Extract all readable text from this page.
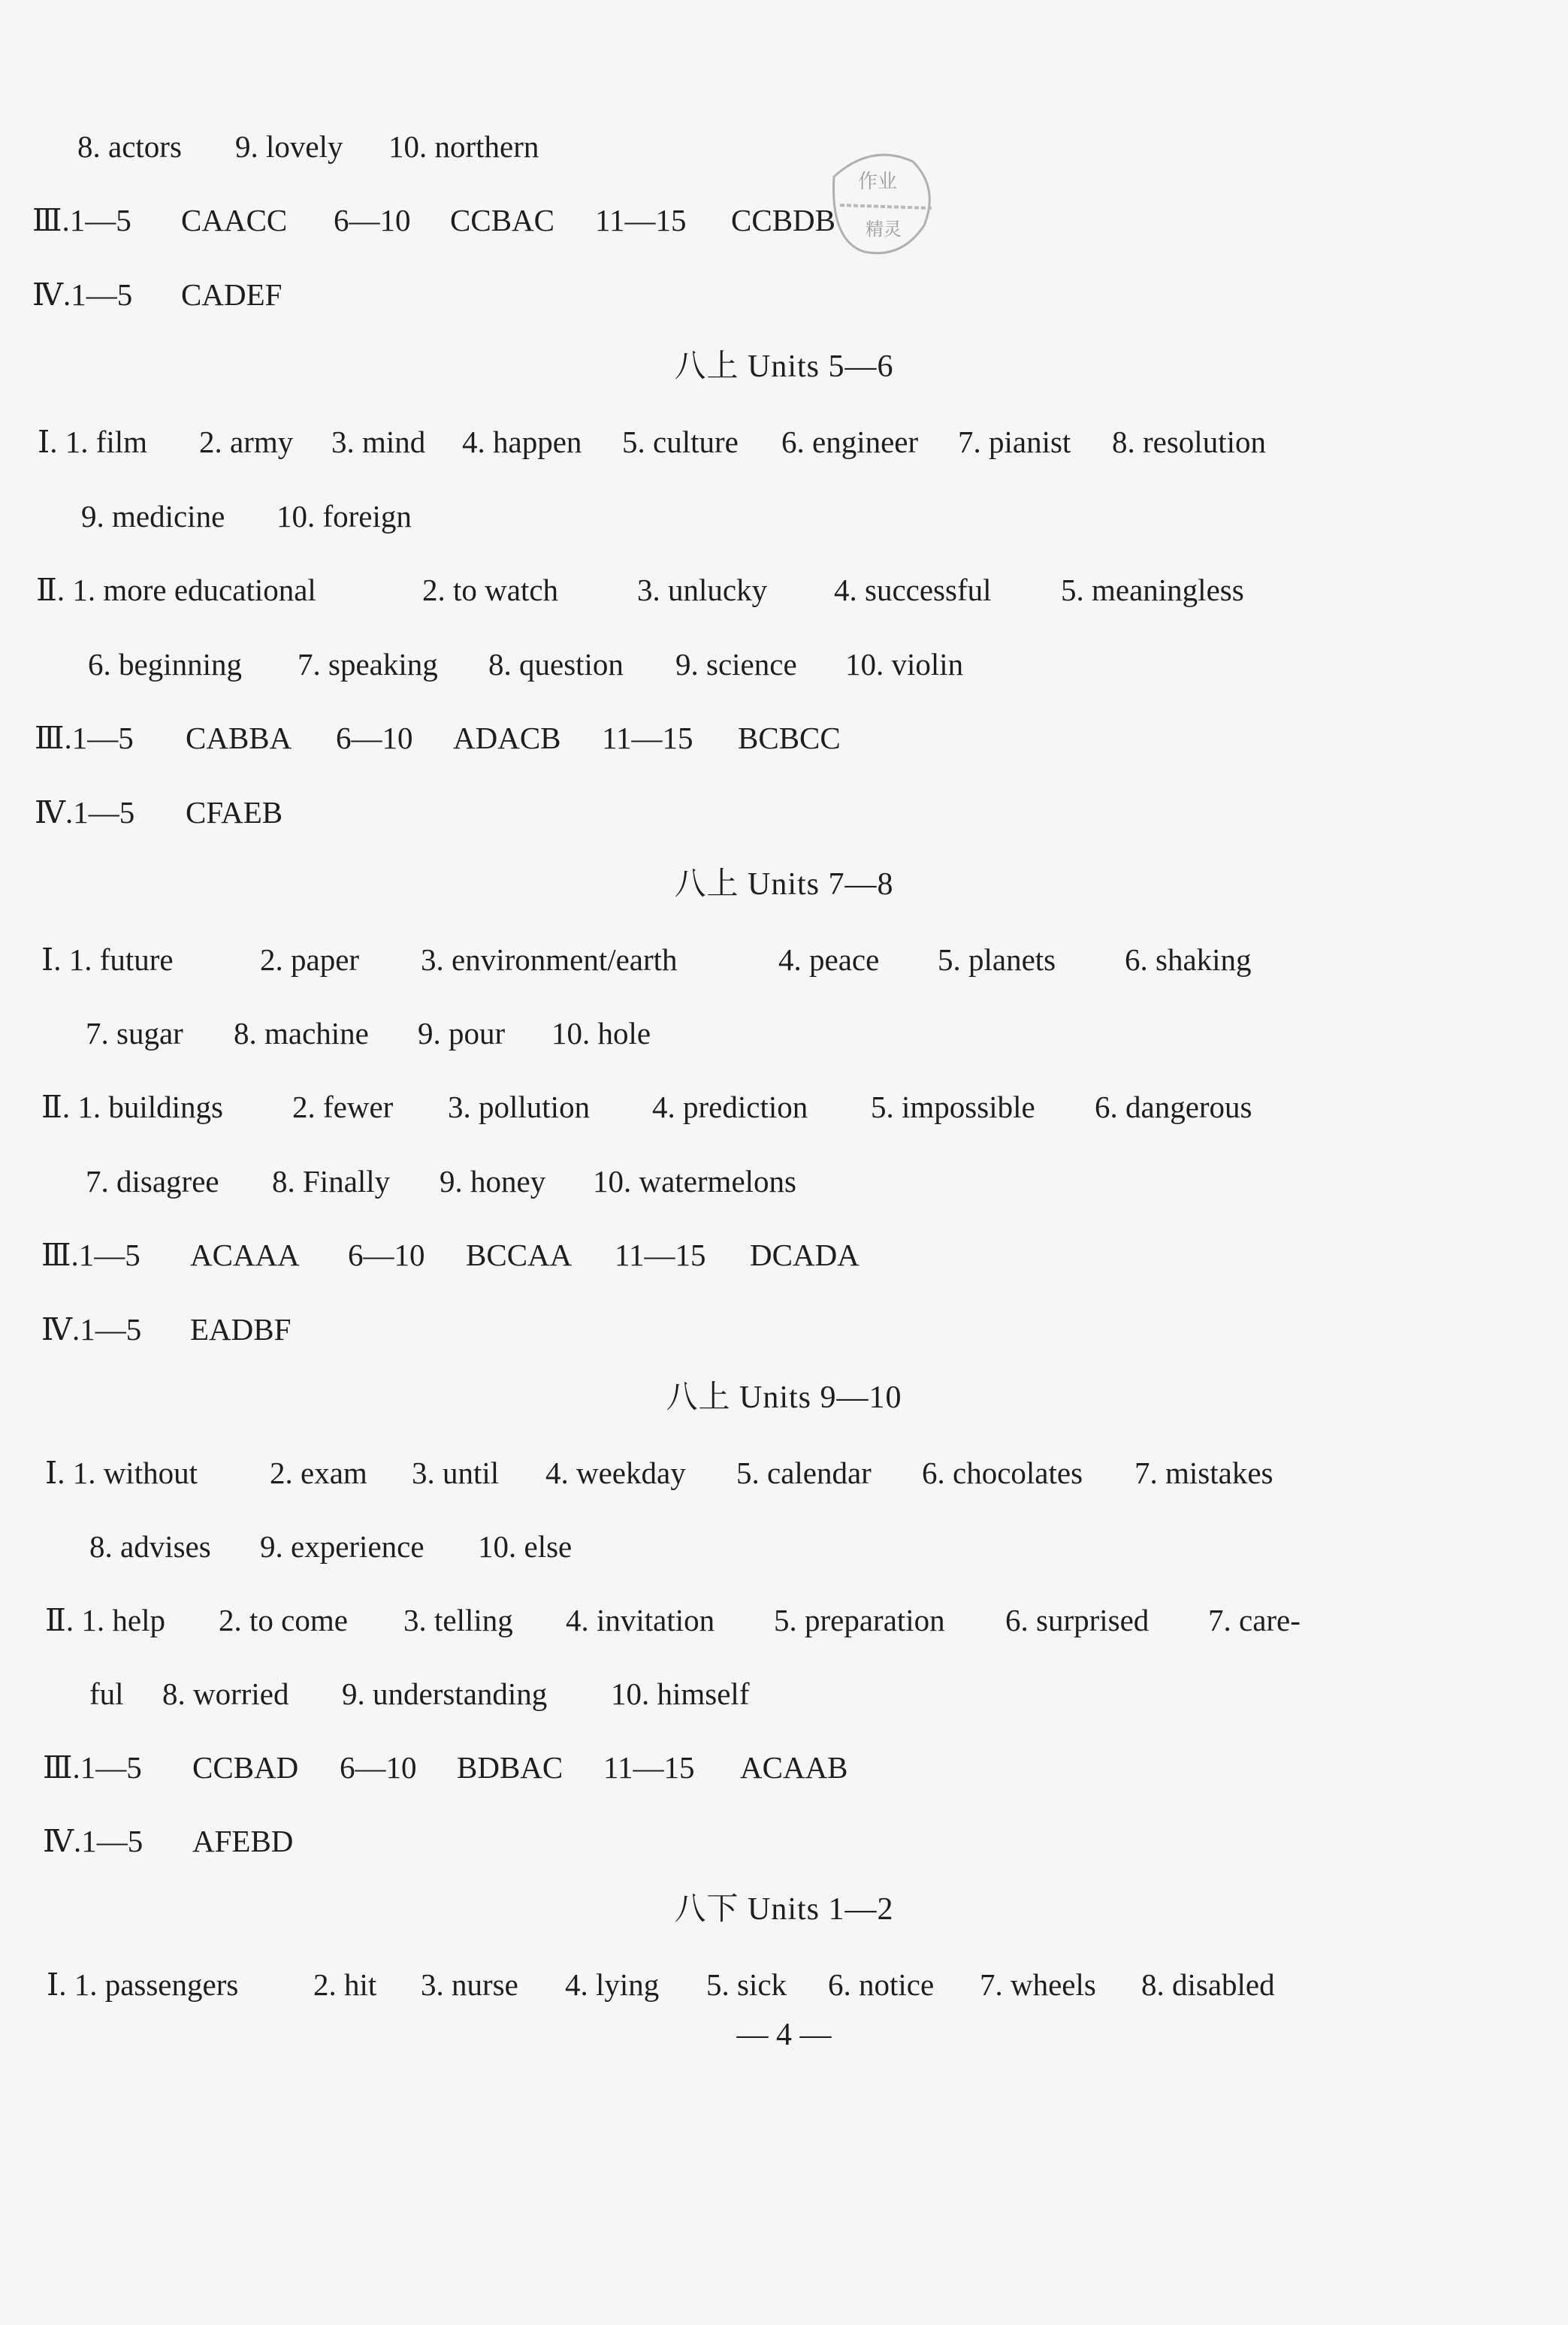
作业
精灵
8. actors 9. lovely 10. northern
Ⅲ.1—5 CAACC 6—10 CCBAC 11—15 CCBDB
Ⅳ.1—5 CADEF
八上 Units 5—6
Ⅰ. 1. film 2. army 3. mind 4. happen 5. culture 6. engineer 7. pianist 8. resolution
9. medicine 10. foreign
Ⅱ. 1. more educational	2. to watch	3. unlucky 4. successful 5. meaningless
6. beginning 7. speaking 8. question 9. science 10. violin
Ⅲ.1—5 CABBA 6—10 ADACB 11—15 BCBCC
Ⅳ.1—5 CFAEB
八上 Units 7—8
Ⅰ. 1. future	2. paper 3. environment/earth	4. peace 5. planets 6. shaking
7. sugar 8. machine 9. pour 10. hole
Ⅱ. 1. buildings 2. fewer 3. pollution 4. prediction 5. impossible 6. dangerous
7. disagree 8. Finally 9. honey 10. watermelons
Ⅲ.1—5 ACAAA 6—10 BCCAA 11—15 DCADA
Ⅳ.1—5 EADBF
八上 Units 9—10
Ⅰ. 1. without 2. exam 3. until 4. weekday 5. calendar 6. chocolates 7. mistakes
8. advises 9. experience 10. else
Ⅱ. 1. help 2. to come 3. telling 4. invitation 5. preparation 6. surprised 7. care-
ful 8. worried 9. understanding 10. himself
Ⅲ.1—5 CCBAD 6—10 BDBAC 11—15 ACAAB
Ⅳ.1—5 AFEBD
八下 Units 1—2
Ⅰ. 1. passengers 2. hit 3. nurse 4. lying 5. sick 6. notice 7. wheels 8. disabled
— 4 —
